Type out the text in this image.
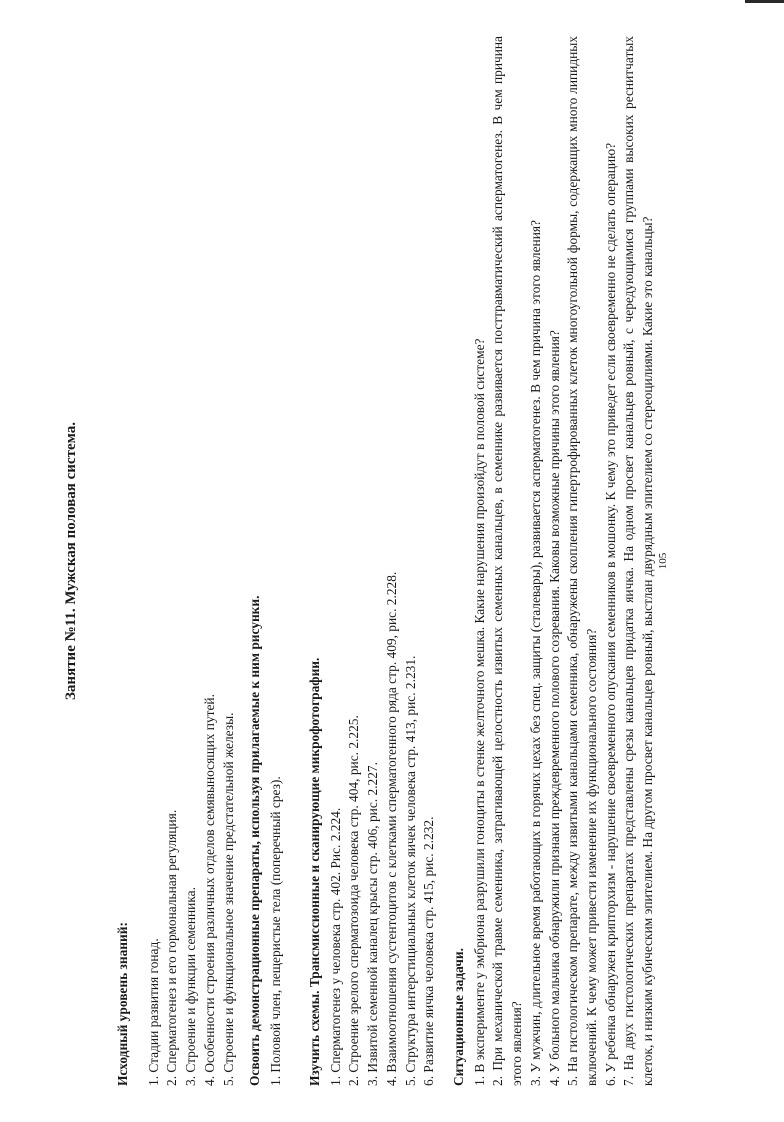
Занятие №11. Мужская половая система.

Исходный уровень знаний: 1. Стадии развития гонад. 2. Сперматогенез и его гормональная регуляция. 3. Строение и функции семенника. 4. Особенности строения различных отделов семявыносящих путей. 5. Строение и функциональное значение предстательной железы. Освоить демонстрационные препараты, используя прилагаемые к ним рисунки. 1. Половой член, пещеристые тела (поперечный срез). Изучить схемы. Трансмиссионные и сканирующие микрофотографии. 1. Сперматогенез у человека стр. 402. Рис. 2.224. 2. Строение зрелого сперматозоида человека стр. 404, рис. 2.225. 3. Извитой семенной каналец крысы стр. 406, рис. 2.227. 4. Взаимоотношения сустентоцитов с клетками сперматогенного ряда стр. 409, рис. 2.228. 5. Структура интерстициальных клеток яичек человека стр. 413, рис. 2.231. 6. Развитие яичка человека стр. 415, рис. 2.232. Ситуационные задачи. 1. В эксперименте у эмбриона разрушили гоноциты в стенке желточного мешка. Какие нарушения произойдут в половой системе? 2. При механической травме семенника, затрагивающей целостность извитых семенных канальцев, в семеннике развивается посттравматический асперматогенез. В чем причина этого явления? 3. У мужчин, длительное время работающих в горячих цехах без спец. защиты (сталевары), развивается асперматогенез. В чем причина этого явления? 4. У больного мальчика обнаружили признаки преждевременного полового созревания. Каковы возможные причины этого явления? 5. На гистологическом препарате, между извитыми канальцами семенника, обнаружены скопления гипертрофированных клеток многоугольной формы, содержащих много липидных включений. К чему может привести изменение их функционального состояния? 6. У ребенка обнаружен крипторхизм - нарушение своевременного опускания семенников в мошонку. К чему это приведет если своевременно не сделать операцию? 7. На двух гистологических препаратах представлены срезы канальцев придатка яичка. На одном просвет канальцев ровный, с чередующимися группами высоких реснитчатых клеток, и низким кубическим эпителием. На другом просвет канальцев ровный, выстлан двурядным эпителием со стереоцилиями. Какие это канальцы? 105
